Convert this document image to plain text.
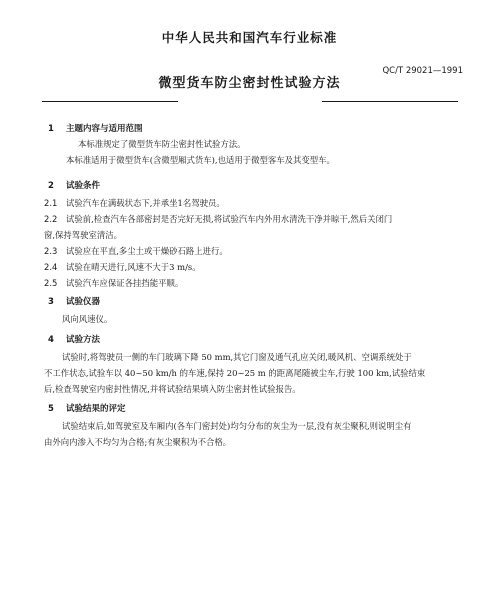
中华人民共和国汽车行业标准
QC/T 29021—1991
微型货车防尘密封性试验方法
1 主题内容与适用范围
本标准规定了微型货车防尘密封性试验方法。
本标准适用于微型货车(含微型厢式货车),也适用于微型客车及其变型车。
2 试验条件
2.1 试验汽车在满载状态下,并承坐1名驾驶员。
2.2 试验前,检查汽车各部密封是否完好无损,将试验汽车内外用水清洗干净并晾干,然后关闭门
窗,保持驾驶室清洁。
2.3 试验应在平直,多尘土或干燥砂石路上进行。
2.4 试验在晴天进行,风速不大于3 m/s。
2.5 试验汽车应保证各挂挡能平顺。
3 试验仪器
风向风速仪。
4 试验方法
试验时,将驾驶员一侧的车门玻璃下降 50 mm,其它门窗及通气孔应关闭,暖风机、空调系统处于
不工作状态,试验车以 40~50 km/h 的车速,保持 20~25 m 的距离尾随被尘车,行驶 100 km,试验结束
后,检查驾驶室内密封性情况,并将试验结果填入防尘密封性试验报告。
5 试验结果的评定
试验结束后,如驾驶室及车厢内(各车门密封处)均匀分布的灰尘为一层,没有灰尘聚积,则说明尘有
由外向内渗入不均匀为合格;有灰尘聚积为不合格。
